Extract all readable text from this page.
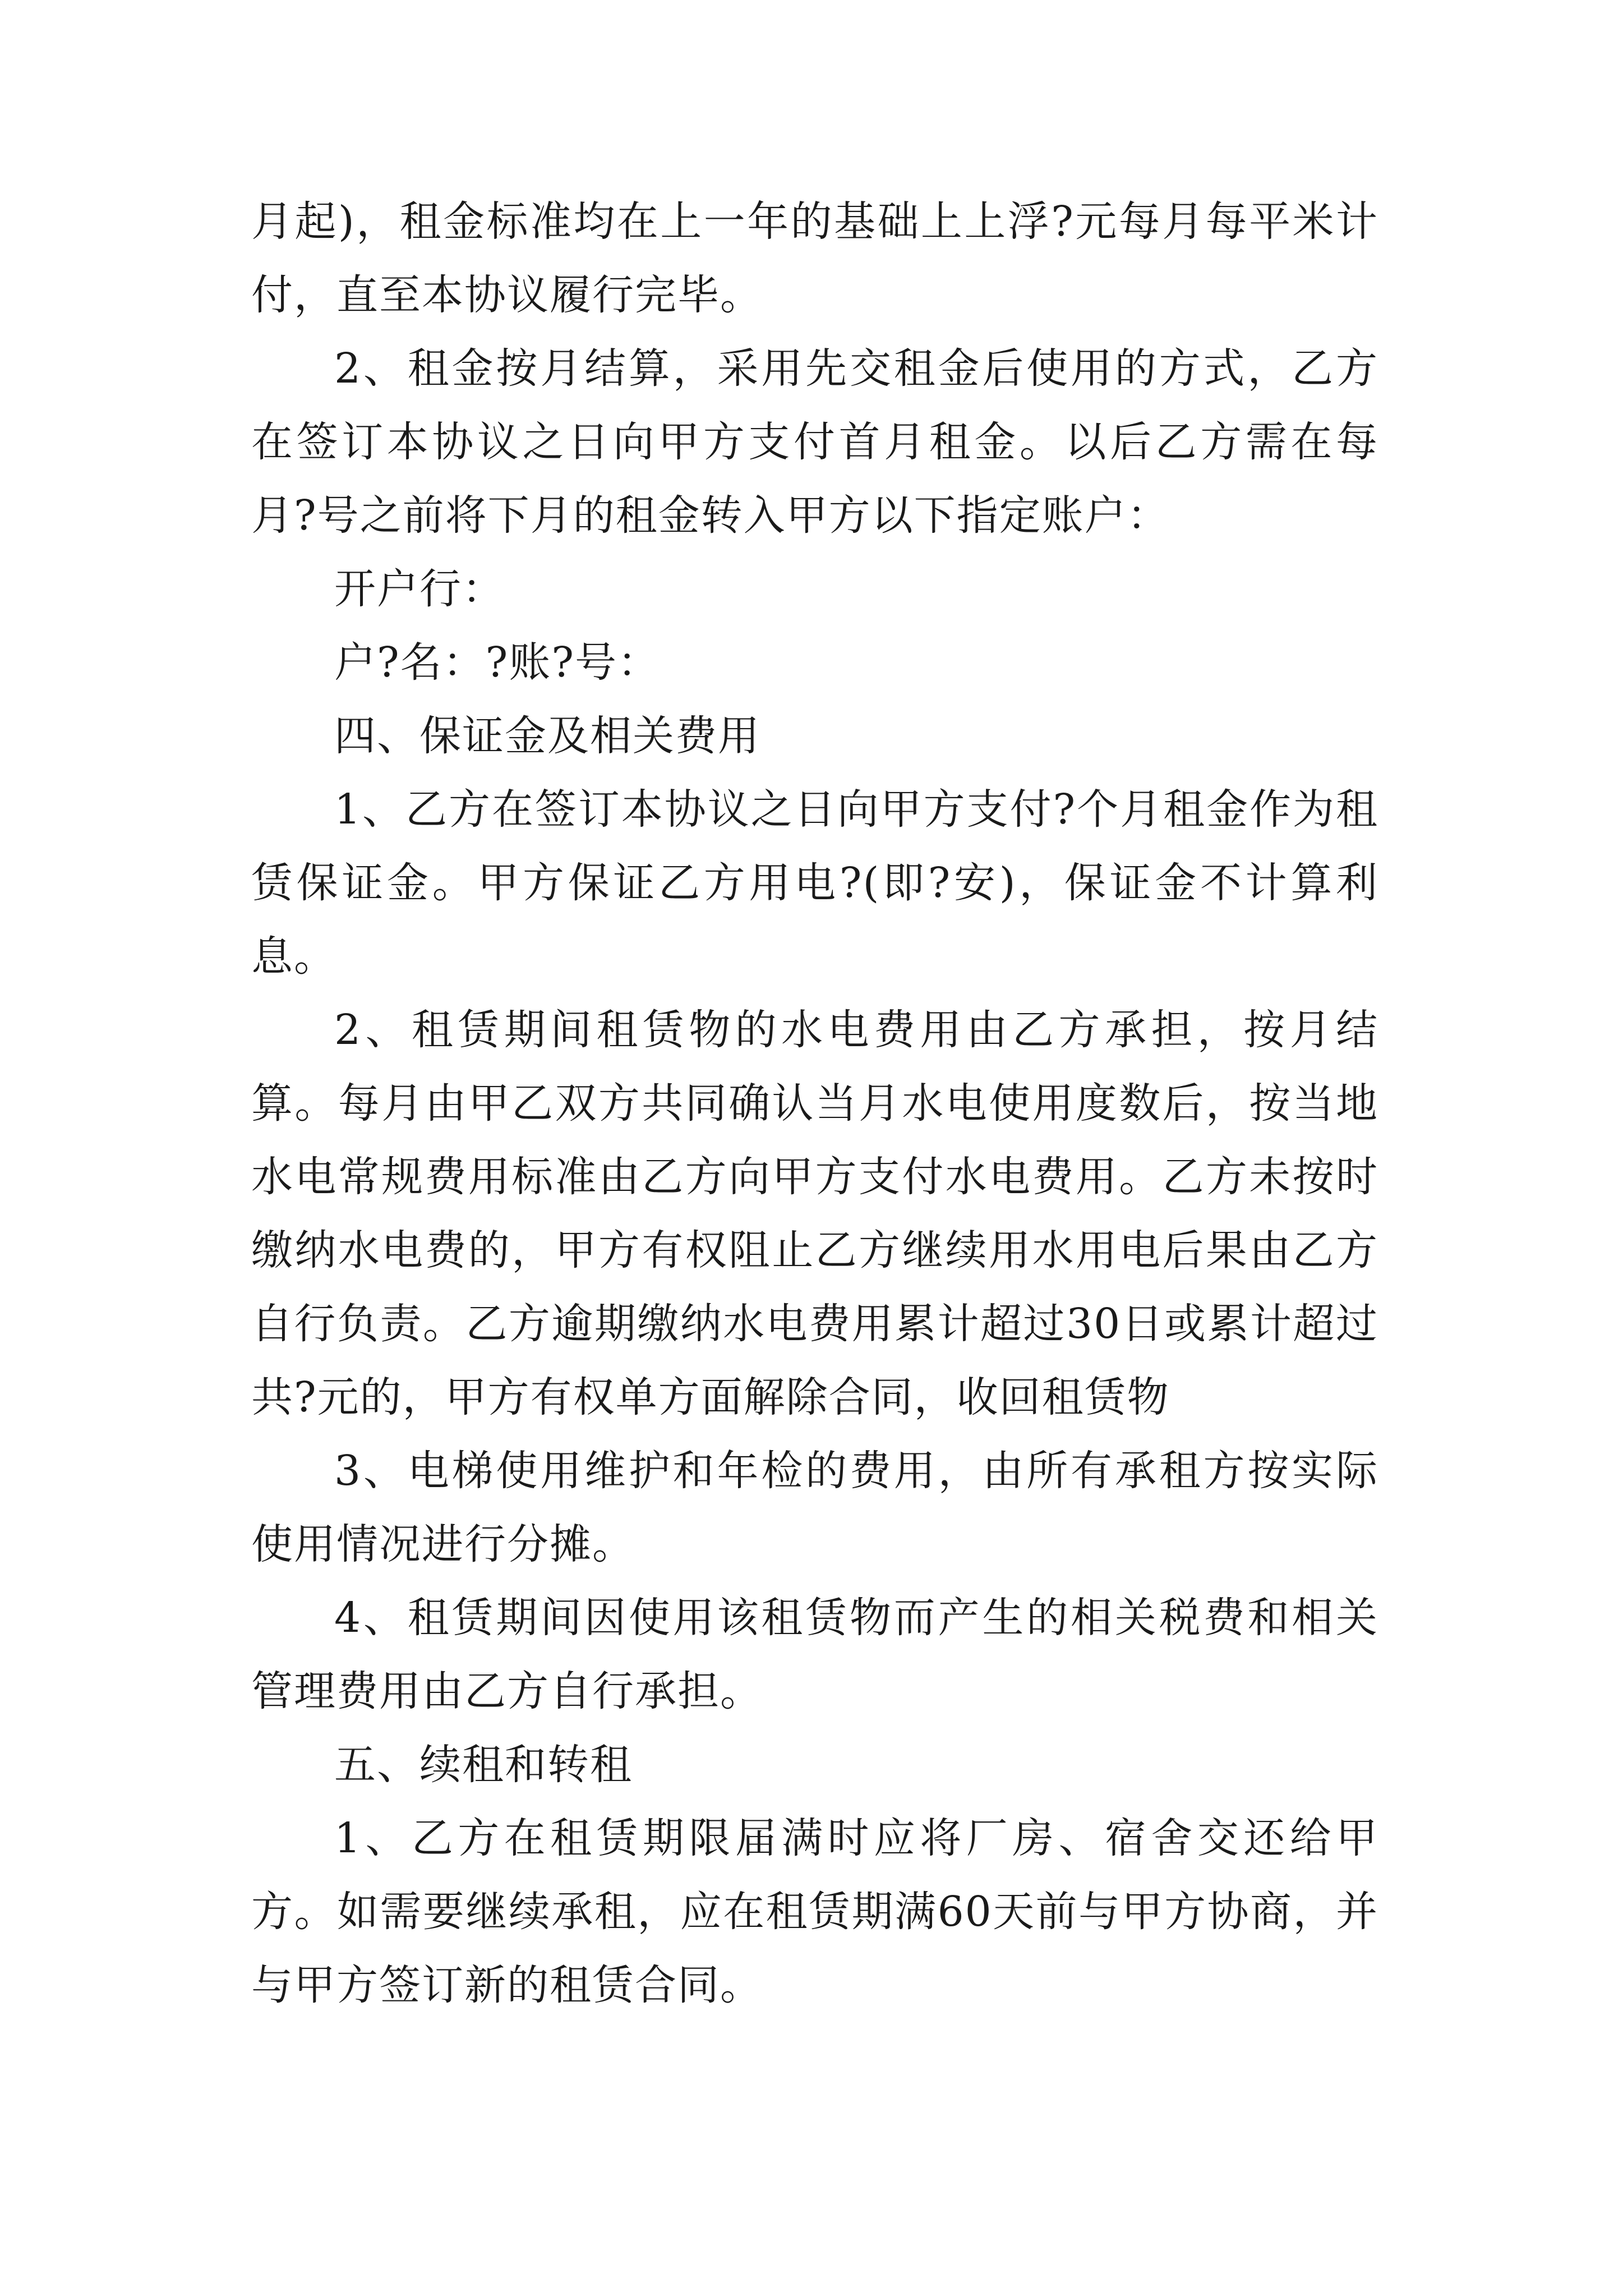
月起)，租金标准均在上一年的基础上上浮?元每月每平米计付，直至本协议履行完毕。

2、租金按月结算，采用先交租金后使用的方式，乙方在签订本协议之日向甲方支付首月租金。以后乙方需在每月?号之前将下月的租金转入甲方以下指定账户：

开户行：

户?名：?账?号：

四、保证金及相关费用

1、乙方在签订本协议之日向甲方支付?个月租金作为租赁保证金。甲方保证乙方用电?(即?安)，保证金不计算利息。

2、租赁期间租赁物的水电费用由乙方承担，按月结算。每月由甲乙双方共同确认当月水电使用度数后，按当地水电常规费用标准由乙方向甲方支付水电费用。乙方未按时缴纳水电费的，甲方有权阻止乙方继续用水用电后果由乙方自行负责。乙方逾期缴纳水电费用累计超过30日或累计超过共?元的，甲方有权单方面解除合同，收回租赁物

3、电梯使用维护和年检的费用，由所有承租方按实际使用情况进行分摊。

4、租赁期间因使用该租赁物而产生的相关税费和相关管理费用由乙方自行承担。

五、续租和转租

1、乙方在租赁期限届满时应将厂房、宿舍交还给甲方。如需要继续承租，应在租赁期满60天前与甲方协商，并与甲方签订新的租赁合同。
